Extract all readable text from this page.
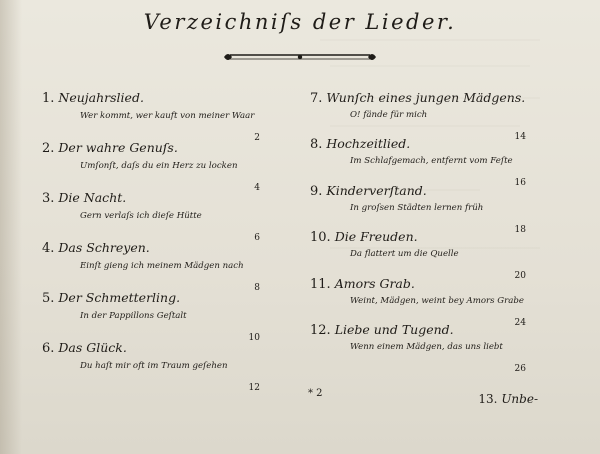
Verzeichniſs der Lieder.
1. Neujahrslied.
Wer kommt, wer kauft von meiner Waar
2
2. Der wahre Genuſs.
Umſonſt, daſs du ein Herz zu locken
4
3. Die Nacht.
Gern verlaſs ich dieſe Hütte
6
4. Das Schreyen.
Einſt gieng ich meinem Mädgen nach
8
5. Der Schmetterling.
In der Pappillons Geſtalt
10
6. Das Glück.
Du haſt mir oft im Traum geſehen
12
7. Wunſch eines jungen Mädgens.
O! fände für mich
14
8. Hochzeitlied.
Im Schlafgemach, entfernt vom Feſte
16
9. Kinderverſtand.
In groſsen Städten lernen früh
18
10. Die Freuden.
Da flattert um die Quelle
20
11. Amors Grab.
Weint, Mädgen, weint bey Amors Grabe
24
12. Liebe und Tugend.
Wenn einem Mädgen, das uns liebt
26
* 2	13. Unbe-
